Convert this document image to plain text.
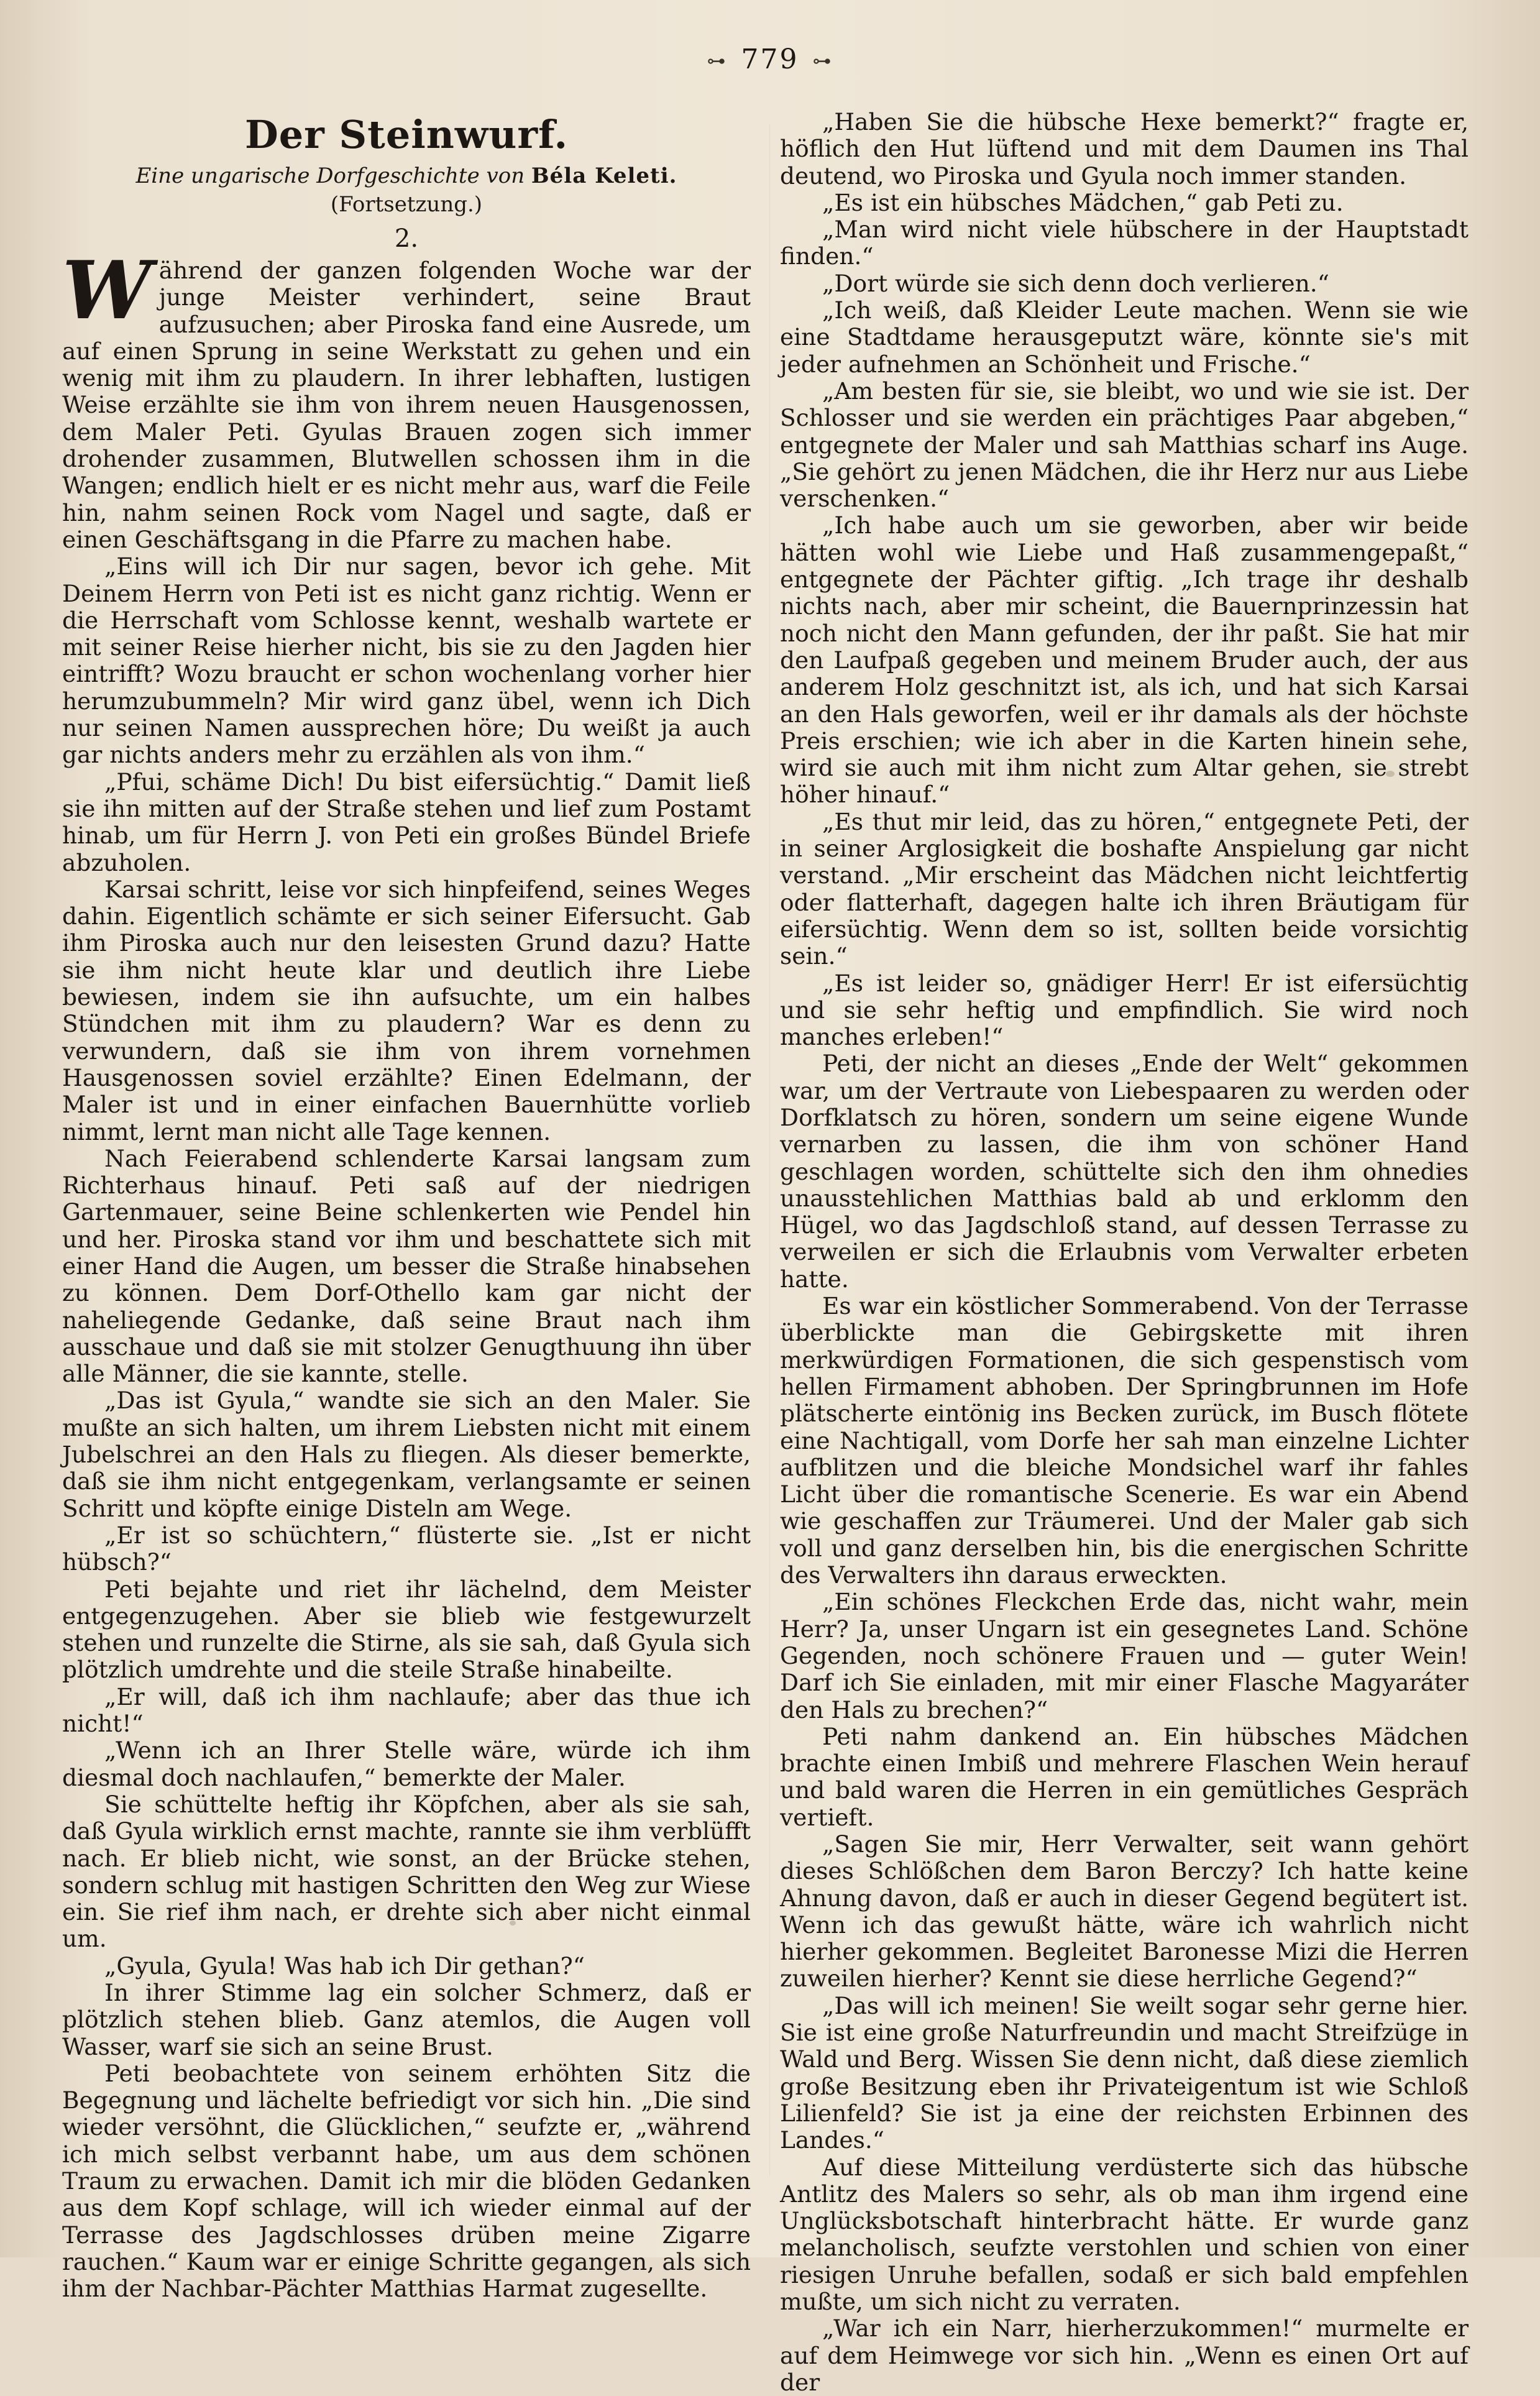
⊶ 779 ⊶
Der Steinwurf.
Eine ungarische Dorfgeschichte von Béla Keleti.
(Fortsetzung.)
2.

Während der ganzen folgenden Woche war der junge Meister verhindert, seine Braut aufzusuchen; aber Piroska fand eine Ausrede, um auf einen Sprung in seine Werkstatt zu gehen und ein wenig mit ihm zu plaudern. In ihrer lebhaften, lustigen Weise erzählte sie ihm von ihrem neuen Hausgenossen, dem Maler Peti. Gyulas Brauen zogen sich immer drohender zusammen, Blutwellen schossen ihm in die Wangen; endlich hielt er es nicht mehr aus, warf die Feile hin, nahm seinen Rock vom Nagel und sagte, daß er einen Geschäftsgang in die Pfarre zu machen habe.

„Eins will ich Dir nur sagen, bevor ich gehe. Mit Deinem Herrn von Peti ist es nicht ganz richtig. Wenn er die Herrschaft vom Schlosse kennt, weshalb wartete er mit seiner Reise hierher nicht, bis sie zu den Jagden hier eintrifft? Wozu braucht er schon wochenlang vorher hier herumzubummeln? Mir wird ganz übel, wenn ich Dich nur seinen Namen aussprechen höre; Du weißt ja auch gar nichts anders mehr zu erzählen als von ihm.“

„Pfui, schäme Dich! Du bist eifersüchtig.“ Damit ließ sie ihn mitten auf der Straße stehen und lief zum Postamt hinab, um für Herrn J. von Peti ein großes Bündel Briefe abzuholen.

Karsai schritt, leise vor sich hinpfeifend, seines Weges dahin. Eigentlich schämte er sich seiner Eifersucht. Gab ihm Piroska auch nur den leisesten Grund dazu? Hatte sie ihm nicht heute klar und deutlich ihre Liebe bewiesen, indem sie ihn aufsuchte, um ein halbes Stündchen mit ihm zu plaudern? War es denn zu verwundern, daß sie ihm von ihrem vornehmen Hausgenossen soviel erzählte? Einen Edelmann, der Maler ist und in einer einfachen Bauernhütte vorlieb nimmt, lernt man nicht alle Tage kennen.

Nach Feierabend schlenderte Karsai langsam zum Richterhaus hinauf. Peti saß auf der niedrigen Gartenmauer, seine Beine schlenkerten wie Pendel hin und her. Piroska stand vor ihm und beschattete sich mit einer Hand die Augen, um besser die Straße hinabsehen zu können. Dem Dorf-Othello kam gar nicht der naheliegende Gedanke, daß seine Braut nach ihm ausschaue und daß sie mit stolzer Genugthuung ihn über alle Männer, die sie kannte, stelle.

„Das ist Gyula,“ wandte sie sich an den Maler. Sie mußte an sich halten, um ihrem Liebsten nicht mit einem Jubelschrei an den Hals zu fliegen. Als dieser bemerkte, daß sie ihm nicht entgegenkam, verlangsamte er seinen Schritt und köpfte einige Disteln am Wege.

„Er ist so schüchtern,“ flüsterte sie. „Ist er nicht hübsch?“

Peti bejahte und riet ihr lächelnd, dem Meister entgegenzugehen. Aber sie blieb wie festgewurzelt stehen und runzelte die Stirne, als sie sah, daß Gyula sich plötzlich umdrehte und die steile Straße hinabeilte.

„Er will, daß ich ihm nachlaufe; aber das thue ich nicht!“

„Wenn ich an Ihrer Stelle wäre, würde ich ihm diesmal doch nachlaufen,“ bemerkte der Maler.

Sie schüttelte heftig ihr Köpfchen, aber als sie sah, daß Gyula wirklich ernst machte, rannte sie ihm verblüfft nach. Er blieb nicht, wie sonst, an der Brücke stehen, sondern schlug mit hastigen Schritten den Weg zur Wiese ein. Sie rief ihm nach, er drehte sich aber nicht einmal um.

„Gyula, Gyula! Was hab ich Dir gethan?“

In ihrer Stimme lag ein solcher Schmerz, daß er plötzlich stehen blieb. Ganz atemlos, die Augen voll Wasser, warf sie sich an seine Brust.

Peti beobachtete von seinem erhöhten Sitz die Begegnung und lächelte befriedigt vor sich hin. „Die sind wieder versöhnt, die Glücklichen,“ seufzte er, „während ich mich selbst verbannt habe, um aus dem schönen Traum zu erwachen. Damit ich mir die blöden Gedanken aus dem Kopf schlage, will ich wieder einmal auf der Terrasse des Jagdschlosses drüben meine Zigarre rauchen.“ Kaum war er einige Schritte gegangen, als sich ihm der Nachbar-Pächter Matthias Harmat zugesellte.

„Haben Sie die hübsche Hexe bemerkt?“ fragte er, höflich den Hut lüftend und mit dem Daumen ins Thal deutend, wo Piroska und Gyula noch immer standen.

„Es ist ein hübsches Mädchen,“ gab Peti zu.

„Man wird nicht viele hübschere in der Hauptstadt finden.“

„Dort würde sie sich denn doch verlieren.“

„Ich weiß, daß Kleider Leute machen. Wenn sie wie eine Stadtdame herausgeputzt wäre, könnte sie's mit jeder aufnehmen an Schönheit und Frische.“

„Am besten für sie, sie bleibt, wo und wie sie ist. Der Schlosser und sie werden ein prächtiges Paar abgeben,“ entgegnete der Maler und sah Matthias scharf ins Auge. „Sie gehört zu jenen Mädchen, die ihr Herz nur aus Liebe verschenken.“

„Ich habe auch um sie geworben, aber wir beide hätten wohl wie Liebe und Haß zusammengepaßt,“ entgegnete der Pächter giftig. „Ich trage ihr deshalb nichts nach, aber mir scheint, die Bauernprinzessin hat noch nicht den Mann gefunden, der ihr paßt. Sie hat mir den Laufpaß gegeben und meinem Bruder auch, der aus anderem Holz geschnitzt ist, als ich, und hat sich Karsai an den Hals geworfen, weil er ihr damals als der höchste Preis erschien; wie ich aber in die Karten hinein sehe, wird sie auch mit ihm nicht zum Altar gehen, sie strebt höher hinauf.“

„Es thut mir leid, das zu hören,“ entgegnete Peti, der in seiner Arglosigkeit die boshafte Anspielung gar nicht verstand. „Mir erscheint das Mädchen nicht leichtfertig oder flatterhaft, dagegen halte ich ihren Bräutigam für eifersüchtig. Wenn dem so ist, sollten beide vorsichtig sein.“

„Es ist leider so, gnädiger Herr! Er ist eifersüchtig und sie sehr heftig und empfindlich. Sie wird noch manches erleben!“

Peti, der nicht an dieses „Ende der Welt“ gekommen war, um der Vertraute von Liebespaaren zu werden oder Dorfklatsch zu hören, sondern um seine eigene Wunde vernarben zu lassen, die ihm von schöner Hand geschlagen worden, schüttelte sich den ihm ohnedies unausstehlichen Matthias bald ab und erklomm den Hügel, wo das Jagdschloß stand, auf dessen Terrasse zu verweilen er sich die Erlaubnis vom Verwalter erbeten hatte.

Es war ein köstlicher Sommerabend. Von der Terrasse überblickte man die Gebirgskette mit ihren merkwürdigen Formationen, die sich gespenstisch vom hellen Firmament abhoben. Der Springbrunnen im Hofe plätscherte eintönig ins Becken zurück, im Busch flötete eine Nachtigall, vom Dorfe her sah man einzelne Lichter aufblitzen und die bleiche Mondsichel warf ihr fahles Licht über die romantische Scenerie. Es war ein Abend wie geschaffen zur Träumerei. Und der Maler gab sich voll und ganz derselben hin, bis die energischen Schritte des Verwalters ihn daraus erweckten.

„Ein schönes Fleckchen Erde das, nicht wahr, mein Herr? Ja, unser Ungarn ist ein gesegnetes Land. Schöne Gegenden, noch schönere Frauen und — guter Wein! Darf ich Sie einladen, mit mir einer Flasche Magyaráter den Hals zu brechen?“

Peti nahm dankend an. Ein hübsches Mädchen brachte einen Imbiß und mehrere Flaschen Wein herauf und bald waren die Herren in ein gemütliches Gespräch vertieft.

„Sagen Sie mir, Herr Verwalter, seit wann gehört dieses Schlößchen dem Baron Berczy? Ich hatte keine Ahnung davon, daß er auch in dieser Gegend begütert ist. Wenn ich das gewußt hätte, wäre ich wahrlich nicht hierher gekommen. Begleitet Baronesse Mizi die Herren zuweilen hierher? Kennt sie diese herrliche Gegend?“

„Das will ich meinen! Sie weilt sogar sehr gerne hier. Sie ist eine große Naturfreundin und macht Streifzüge in Wald und Berg. Wissen Sie denn nicht, daß diese ziemlich große Besitzung eben ihr Privateigentum ist wie Schloß Lilienfeld? Sie ist ja eine der reichsten Erbinnen des Landes.“

Auf diese Mitteilung verdüsterte sich das hübsche Antlitz des Malers so sehr, als ob man ihm irgend eine Unglücksbotschaft hinterbracht hätte. Er wurde ganz melancholisch, seufzte verstohlen und schien von einer riesigen Unruhe befallen, sodaß er sich bald empfehlen mußte, um sich nicht zu verraten.

„War ich ein Narr, hierherzukommen!“ murmelte er auf dem Heimwege vor sich hin. „Wenn es einen Ort auf der
